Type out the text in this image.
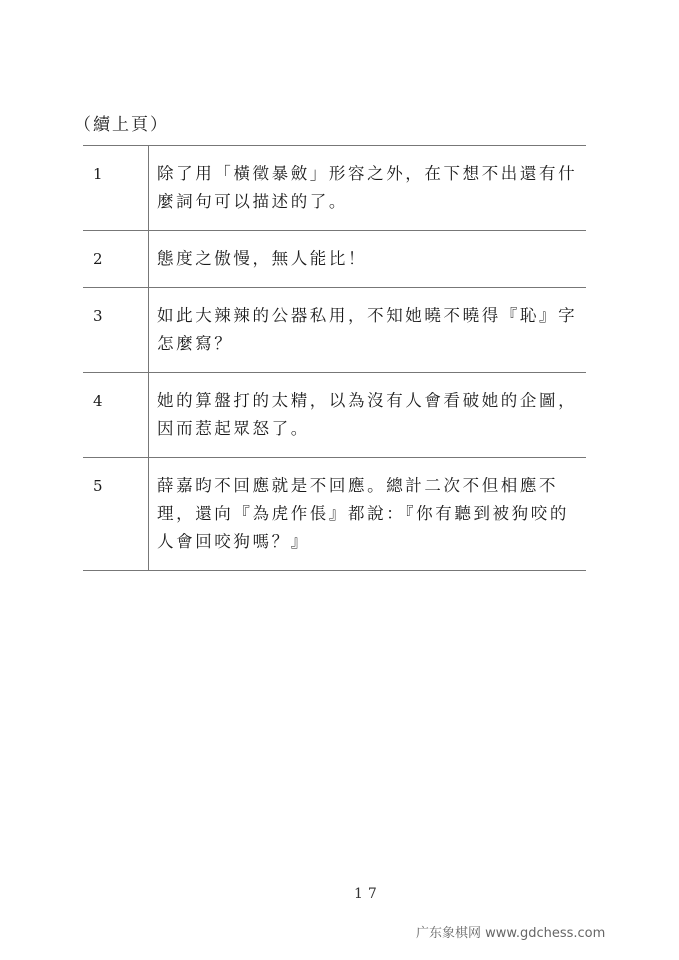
（續上頁）
1	除了用「橫徵暴斂」形容之外，在下想不出還有什麼詞句可以描述的了。
2	態度之傲慢，無人能比！
3	如此大辣辣的公器私用，不知她曉不曉得『恥』字怎麼寫？
4	她的算盤打的太精，以為沒有人會看破她的企圖，因而惹起眾怒了。
5	薛嘉昀不回應就是不回應。總計二次不但相應不理，還向『為虎作倀』都說：『你有聽到被狗咬的人會回咬狗嗎？』
17
广东象棋网 www.gdchess.com
